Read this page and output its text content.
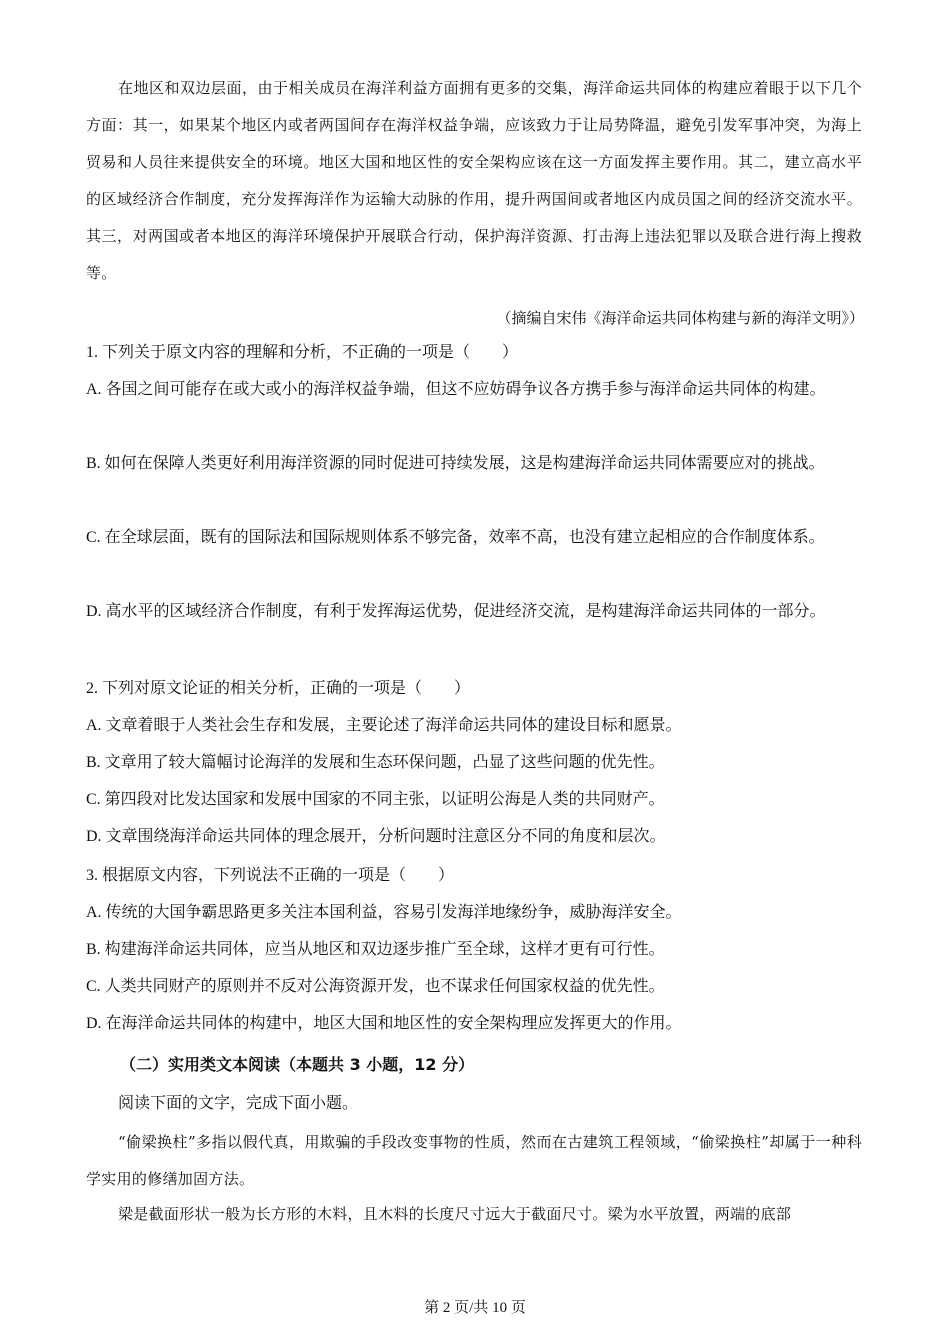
在地区和双边层面，由于相关成员在海洋利益方面拥有更多的交集，海洋命运共同体的构建应着眼于以下几个方面：其一，如果某个地区内或者两国间存在海洋权益争端，应该致力于让局势降温，避免引发军事冲突，为海上贸易和人员往来提供安全的环境。地区大国和地区性的安全架构应该在这一方面发挥主要作用。其二，建立高水平的区域经济合作制度，充分发挥海洋作为运输大动脉的作用，提升两国间或者地区内成员国之间的经济交流水平。其三，对两国或者本地区的海洋环境保护开展联合行动，保护海洋资源、打击海上违法犯罪以及联合进行海上搜救等。

（摘编自宋伟《海洋命运共同体构建与新的海洋文明》）

1. 下列关于原文内容的理解和分析，不正确的一项是（　　）

A. 各国之间可能存在或大或小的海洋权益争端，但这不应妨碍争议各方携手参与海洋命运共同体的构建。

B. 如何在保障人类更好利用海洋资源的同时促进可持续发展，这是构建海洋命运共同体需要应对的挑战。

C. 在全球层面，既有的国际法和国际规则体系不够完备，效率不高，也没有建立起相应的合作制度体系。

D. 高水平的区域经济合作制度，有利于发挥海运优势，促进经济交流，是构建海洋命运共同体的一部分。

2. 下列对原文论证的相关分析，正确的一项是（　　）

A. 文章着眼于人类社会生存和发展，主要论述了海洋命运共同体的建设目标和愿景。

B. 文章用了较大篇幅讨论海洋的发展和生态环保问题，凸显了这些问题的优先性。

C. 第四段对比发达国家和发展中国家的不同主张，以证明公海是人类的共同财产。

D. 文章围绕海洋命运共同体的理念展开，分析问题时注意区分不同的角度和层次。

3. 根据原文内容，下列说法不正确的一项是（　　）

A. 传统的大国争霸思路更多关注本国利益，容易引发海洋地缘纷争，威胁海洋安全。

B. 构建海洋命运共同体，应当从地区和双边逐步推广至全球，这样才更有可行性。

C. 人类共同财产的原则并不反对公海资源开发，也不谋求任何国家权益的优先性。

D. 在海洋命运共同体的构建中，地区大国和地区性的安全架构理应发挥更大的作用。

（二）实用类文本阅读（本题共 3 小题，12 分）

阅读下面的文字，完成下面小题。

“偷梁换柱”多指以假代真，用欺骗的手段改变事物的性质，然而在古建筑工程领域，“偷梁换柱”却属于一种科学实用的修缮加固方法。

梁是截面形状一般为长方形的木料，且木料的长度尺寸远大于截面尺寸。梁为水平放置，两端的底部

第 2 页/共 10 页
